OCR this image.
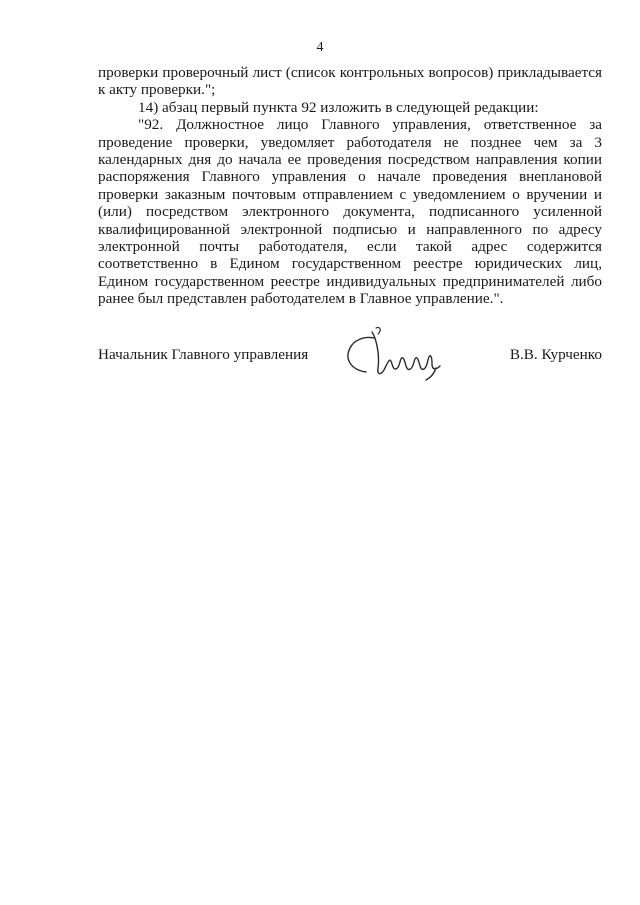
4

проверки проверочный лист (список контрольных вопросов) прикладывается к акту проверки.";

14) абзац первый пункта 92 изложить в следующей редакции:

"92. Должностное лицо Главного управления, ответственное за проведение проверки, уведомляет работодателя не позднее чем за 3 календарных дня до начала ее проведения посредством направления копии распоряжения Главного управления о начале проведения внеплановой проверки заказным почтовым отправлением с уведомлением о вручении и (или) посредством электронного документа, подписанного усиленной квалифицированной электронной подписью и направленного по адресу электронной почты работодателя, если такой адрес содержится соответственно в Едином государственном реестре юридических лиц, Едином государственном реестре индивидуальных предпринимателей либо ранее был представлен работодателем в Главное управление.".

Начальник Главного управления	В.В. Курченко
